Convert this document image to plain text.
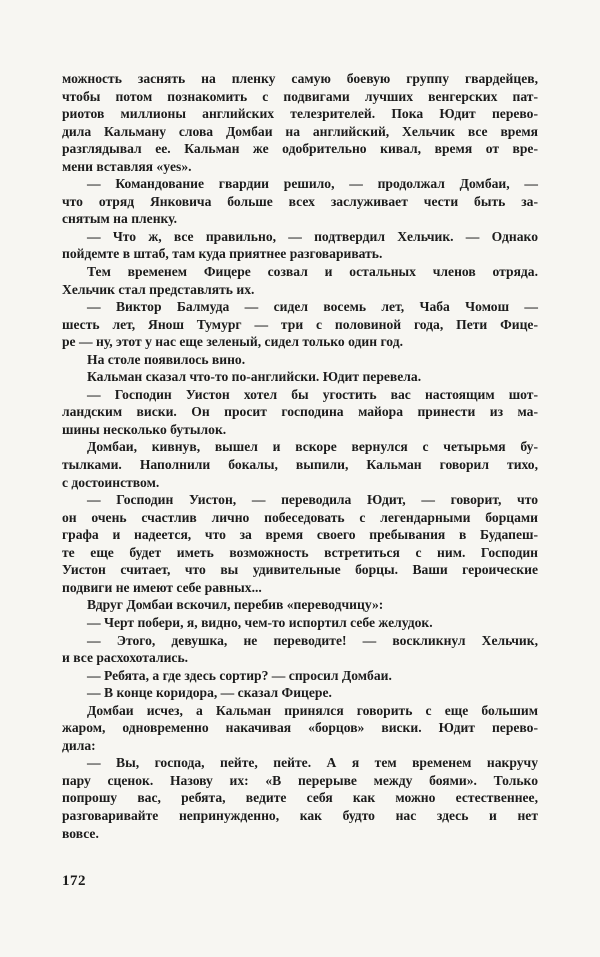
можность заснять на пленку самую боевую группу гвардейцев,

чтобы потом познакомить с подвигами лучших венгерских пат-

риотов миллионы английских телезрителей. Пока Юдит перево-

дила Кальману слова Домбаи на английский, Хельчик все время

разглядывал ее. Кальман же одобрительно кивал, время от вре-

мени вставляя «yes».

— Командование гвардии решило, — продолжал Домбаи, —

что отряд Янковича больше всех заслуживает чести быть за-

снятым на пленку.

— Что ж, все правильно, — подтвердил Хельчик. — Однако

пойдемте в штаб, там куда приятнее разговаривать.

Тем временем Фицере созвал и остальных членов отряда.

Хельчик стал представлять их.

— Виктор Балмуда — сидел восемь лет, Чаба Чомош —

шесть лет, Янош Тумург — три с половиной года, Пети Фице-

ре — ну, этот у нас еще зеленый, сидел только один год.

На столе появилось вино.

Кальман сказал что-то по-английски. Юдит перевела.

— Господин Уистон хотел бы угостить вас настоящим шот-

ландским виски. Он просит господина майора принести из ма-

шины несколько бутылок.

Домбаи, кивнув, вышел и вскоре вернулся с четырьмя бу-

тылками. Наполнили бокалы, выпили, Кальман говорил тихо,

с достоинством.

— Господин Уистон, — переводила Юдит, — говорит, что

он очень счастлив лично побеседовать с легендарными борцами

графа и надеется, что за время своего пребывания в Будапеш-

те еще будет иметь возможность встретиться с ним. Господин

Уистон считает, что вы удивительные борцы. Ваши героические

подвиги не имеют себе равных...

Вдруг Домбаи вскочил, перебив «переводчицу»:

— Черт побери, я, видно, чем-то испортил себе желудок.

— Этого, девушка, не переводите! — воскликнул Хельчик,

и все расхохотались.

— Ребята, а где здесь сортир? — спросил Домбаи.

— В конце коридора, — сказал Фицере.

Домбаи исчез, а Кальман принялся говорить с еще большим

жаром, одновременно накачивая «борцов» виски. Юдит перево-

дила:

— Вы, господа, пейте, пейте. А я тем временем накручу

пару сценок. Назову их: «В перерыве между боями». Только

попрошу вас, ребята, ведите себя как можно естественнее,

разговаривайте непринужденно, как будто нас здесь и нет

вовсе.

172
